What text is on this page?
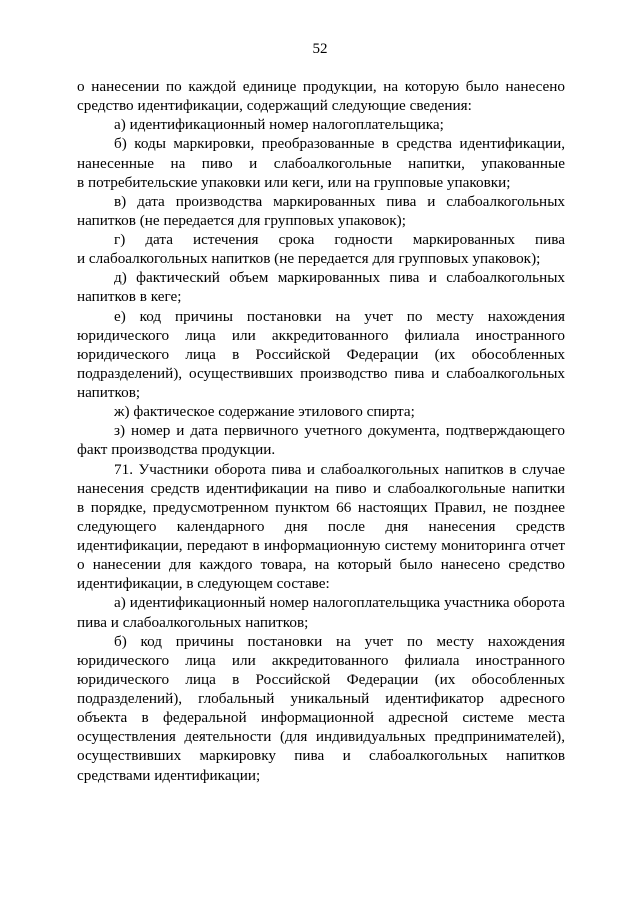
52
о нанесении по каждой единице продукции, на которую было нанесено
средство идентификации, содержащий следующие сведения:
а) идентификационный номер налогоплательщика;
б) коды маркировки, преобразованные в средства идентификации,
нанесенные на пиво и слабоалкогольные напитки, упакованные
в потребительские упаковки или кеги, или на групповые упаковки;
в) дата производства маркированных пива и слабоалкогольных
напитков (не передается для групповых упаковок);
г) дата истечения срока годности маркированных пива
и слабоалкогольных напитков (не передается для групповых упаковок);
д) фактический объем маркированных пива и слабоалкогольных
напитков в кеге;
е) код причины постановки на учет по месту нахождения
юридического лица или аккредитованного филиала иностранного
юридического лица в Российской Федерации (их обособленных
подразделений), осуществивших производство пива и слабоалкогольных
напитков;
ж) фактическое содержание этилового спирта;
з) номер и дата первичного учетного документа, подтверждающего
факт производства продукции.
71. Участники оборота пива и слабоалкогольных напитков в случае
нанесения средств идентификации на пиво и слабоалкогольные напитки
в порядке, предусмотренном пунктом 66 настоящих Правил, не позднее
следующего календарного дня после дня нанесения средств
идентификации, передают в информационную систему мониторинга отчет
о нанесении для каждого товара, на который было нанесено средство
идентификации, в следующем составе:
а) идентификационный номер налогоплательщика участника оборота
пива и слабоалкогольных напитков;
б) код причины постановки на учет по месту нахождения
юридического лица или аккредитованного филиала иностранного
юридического лица в Российской Федерации (их обособленных
подразделений), глобальный уникальный идентификатор адресного
объекта в федеральной информационной адресной системе места
осуществления деятельности (для индивидуальных предпринимателей),
осуществивших маркировку пива и слабоалкогольных напитков
средствами идентификации;
